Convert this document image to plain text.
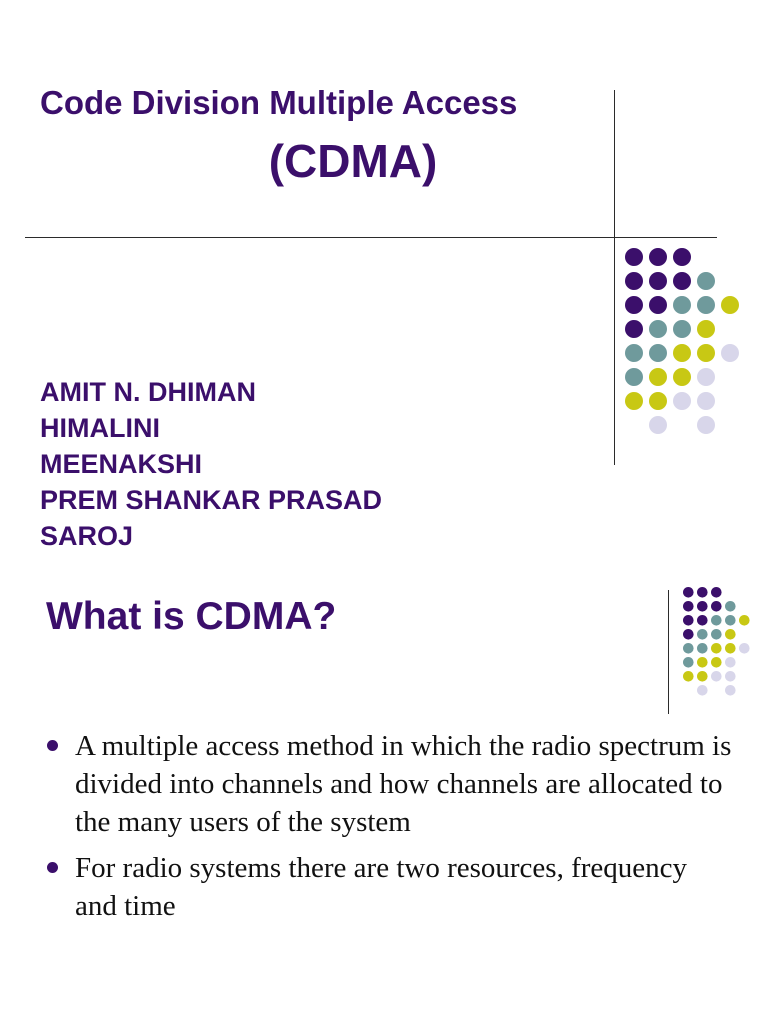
Code Division Multiple Access
(CDMA)
AMIT N. DHIMAN
HIMALINI
MEENAKSHI
PREM SHANKAR PRASAD
SAROJ
What is CDMA?
A multiple access method in which the radio spectrum is divided into channels and how channels are allocated to the many users of the system
For radio systems there are two resources, frequency and time
